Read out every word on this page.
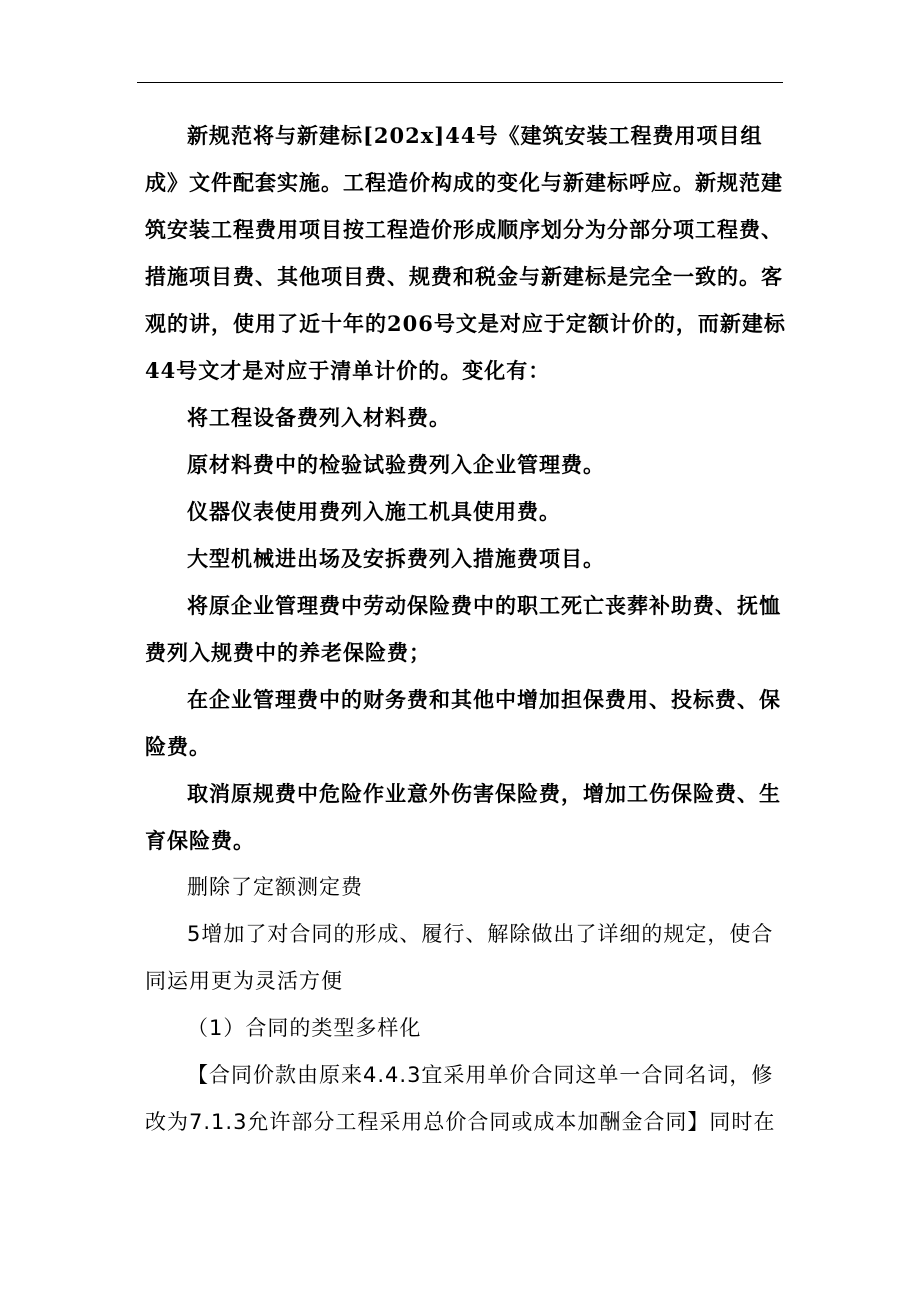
新规范将与新建标[202x]44号《建筑安装工程费用项目组成》文件配套实施。工程造价构成的变化与新建标呼应。新规范建筑安装工程费用项目按工程造价形成顺序划分为分部分项工程费、措施项目费、其他项目费、规费和税金与新建标是完全一致的。客观的讲，使用了近十年的206号文是对应于定额计价的，而新建标44号文才是对应于清单计价的。变化有：

将工程设备费列入材料费。

原材料费中的检验试验费列入企业管理费。

仪器仪表使用费列入施工机具使用费。

大型机械进出场及安拆费列入措施费项目。

将原企业管理费中劳动保险费中的职工死亡丧葬补助费、抚恤费列入规费中的养老保险费；

在企业管理费中的财务费和其他中增加担保费用、投标费、保险费。

取消原规费中危险作业意外伤害保险费，增加工伤保险费、生育保险费。

删除了定额测定费

5增加了对合同的形成、履行、解除做出了详细的规定，使合同运用更为灵活方便

（1）合同的类型多样化

【合同价款由原来4.4.3宜采用单价合同这单一合同名词，修改为7.1.3允许部分工程采用总价合同或成本加酬金合同】同时在
